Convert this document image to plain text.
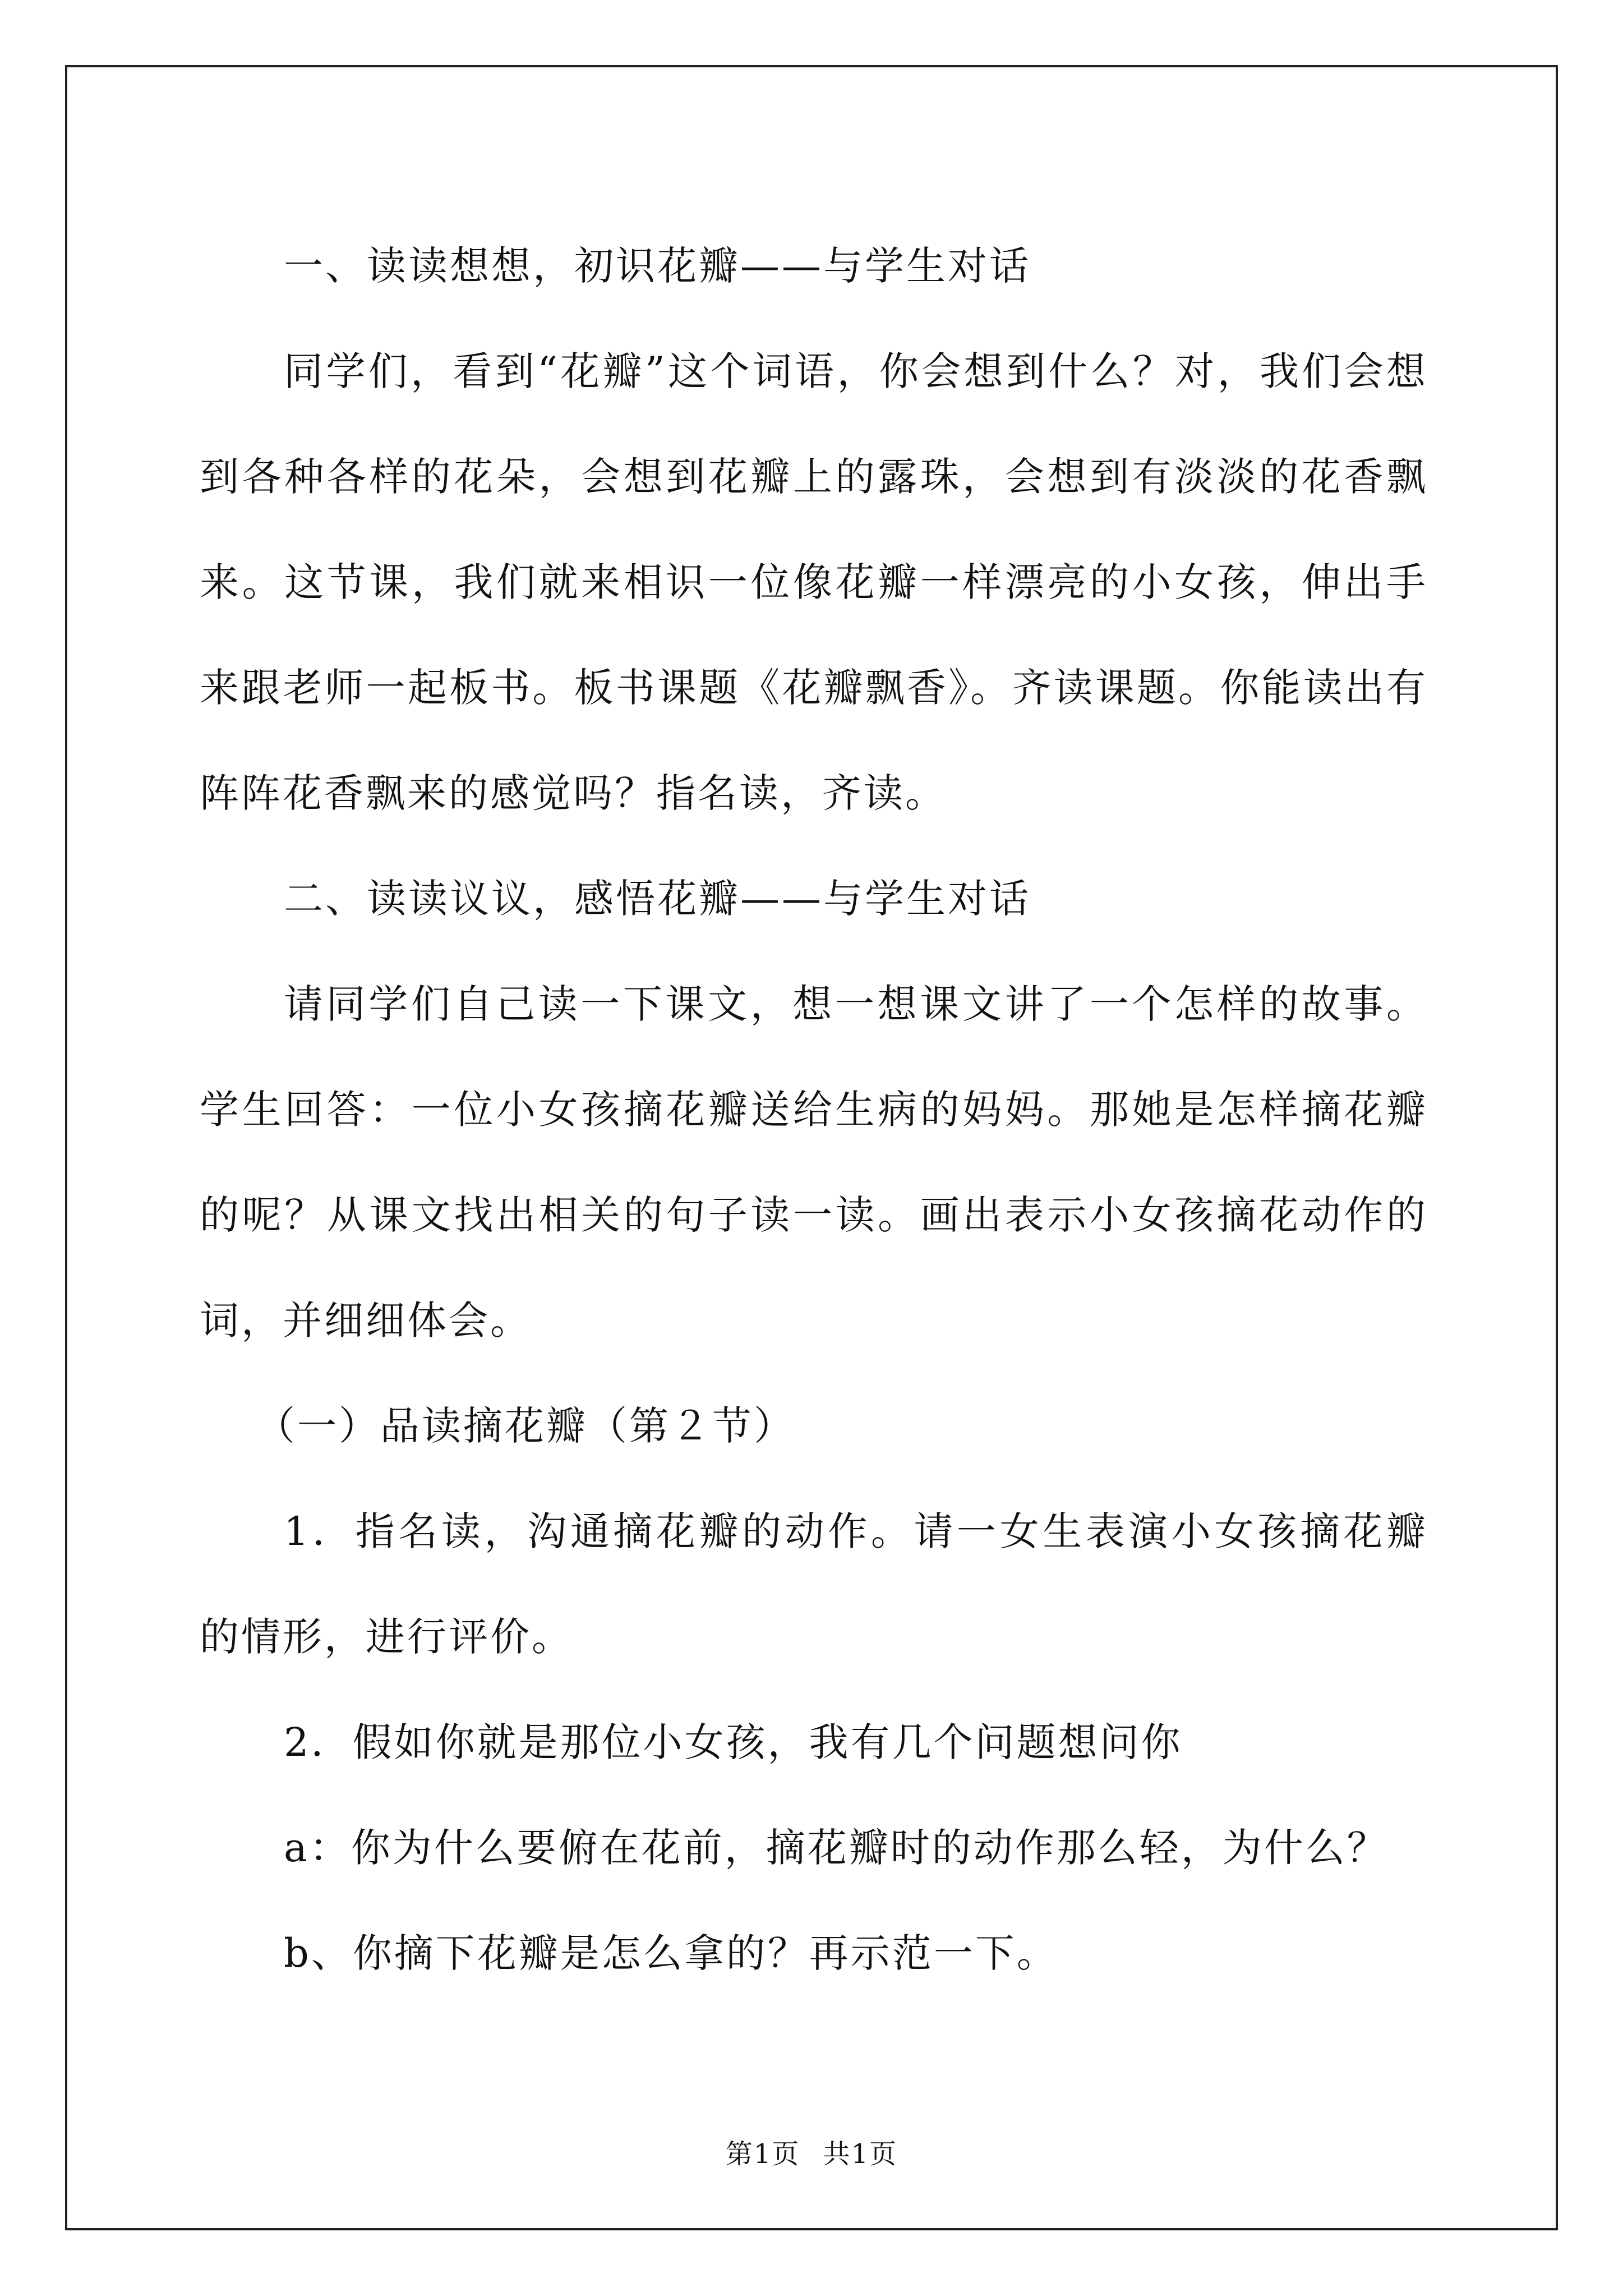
一、读读想想，初识花瓣——与学生对话

同学们，看到“花瓣”这个词语，你会想到什么？对，我们会想到各种各样的花朵，会想到花瓣上的露珠，会想到有淡淡的花香飘来。这节课，我们就来相识一位像花瓣一样漂亮的小女孩，伸出手来跟老师一起板书。板书课题《花瓣飘香》。齐读课题。你能读出有阵阵花香飘来的感觉吗？指名读，齐读。

二、读读议议，感悟花瓣——与学生对话

请同学们自己读一下课文，想一想课文讲了一个怎样的故事。学生回答：一位小女孩摘花瓣送给生病的妈妈。那她是怎样摘花瓣的呢？从课文找出相关的句子读一读。画出表示小女孩摘花动作的词，并细细体会。

（一）品读摘花瓣（第２节）

1．指名读，沟通摘花瓣的动作。请一女生表演小女孩摘花瓣的情形，进行评价。

2．假如你就是那位小女孩，我有几个问题想问你

a：你为什么要俯在花前，摘花瓣时的动作那么轻，为什么？

b、你摘下花瓣是怎么拿的？再示范一下。

第1页 共1页
